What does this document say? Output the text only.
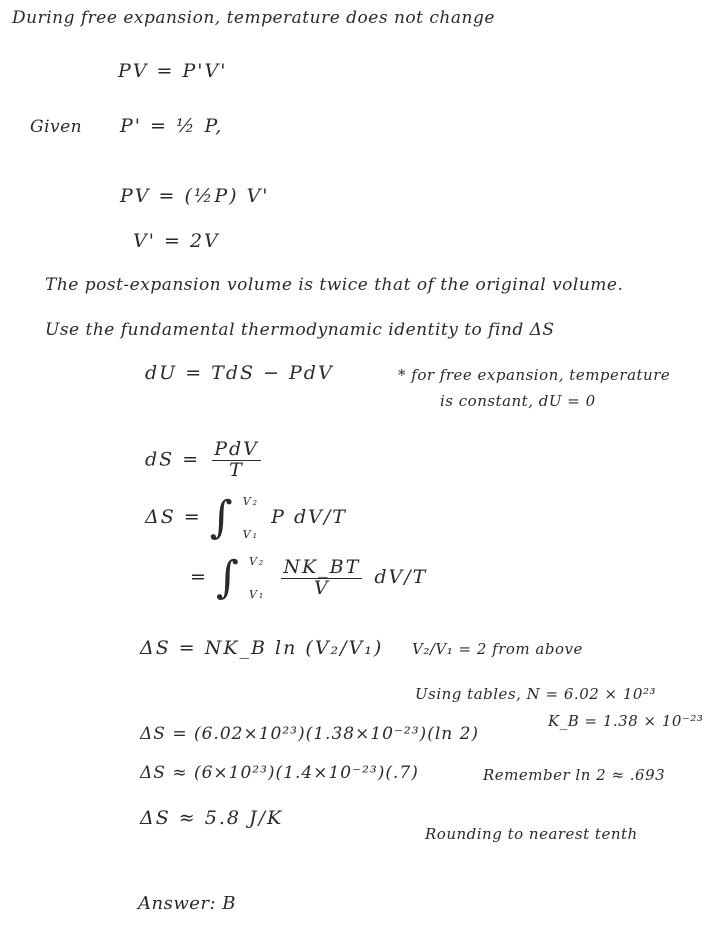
During free expansion, temperature does not change
PV = P'V'
Given P' = ½ P,
PV = (½P) V'
V' = 2V
The post-expansion volume is twice that of the original volume.
Use the fundamental thermodynamic identity to find ΔS
dU = TdS − PdV	* for free expansion, temperature
is constant, dU = 0
dS = $\frac{\text{PdV}}{T}$
ΔS = ∫ V₂
V₁
P dV/T
= ∫ V₂
V₁
$\frac{NK\_BT}{V} dV/T$
ΔS = NK_B ln (V₂/V₁) V₂/V₁ = 2 from above
Using tables, N = 6.02 × 10²³
K_B = 1.38 × 10⁻²³
ΔS = (6.02×10²³)(1.38×10⁻²³)(ln 2)
ΔS ≈ (6×10²³)(1.4×10⁻²³)(.7)	Remember ln 2 ≈ .693
ΔS ≈ 5.8 J/K
Rounding to nearest tenth
Answer: B
